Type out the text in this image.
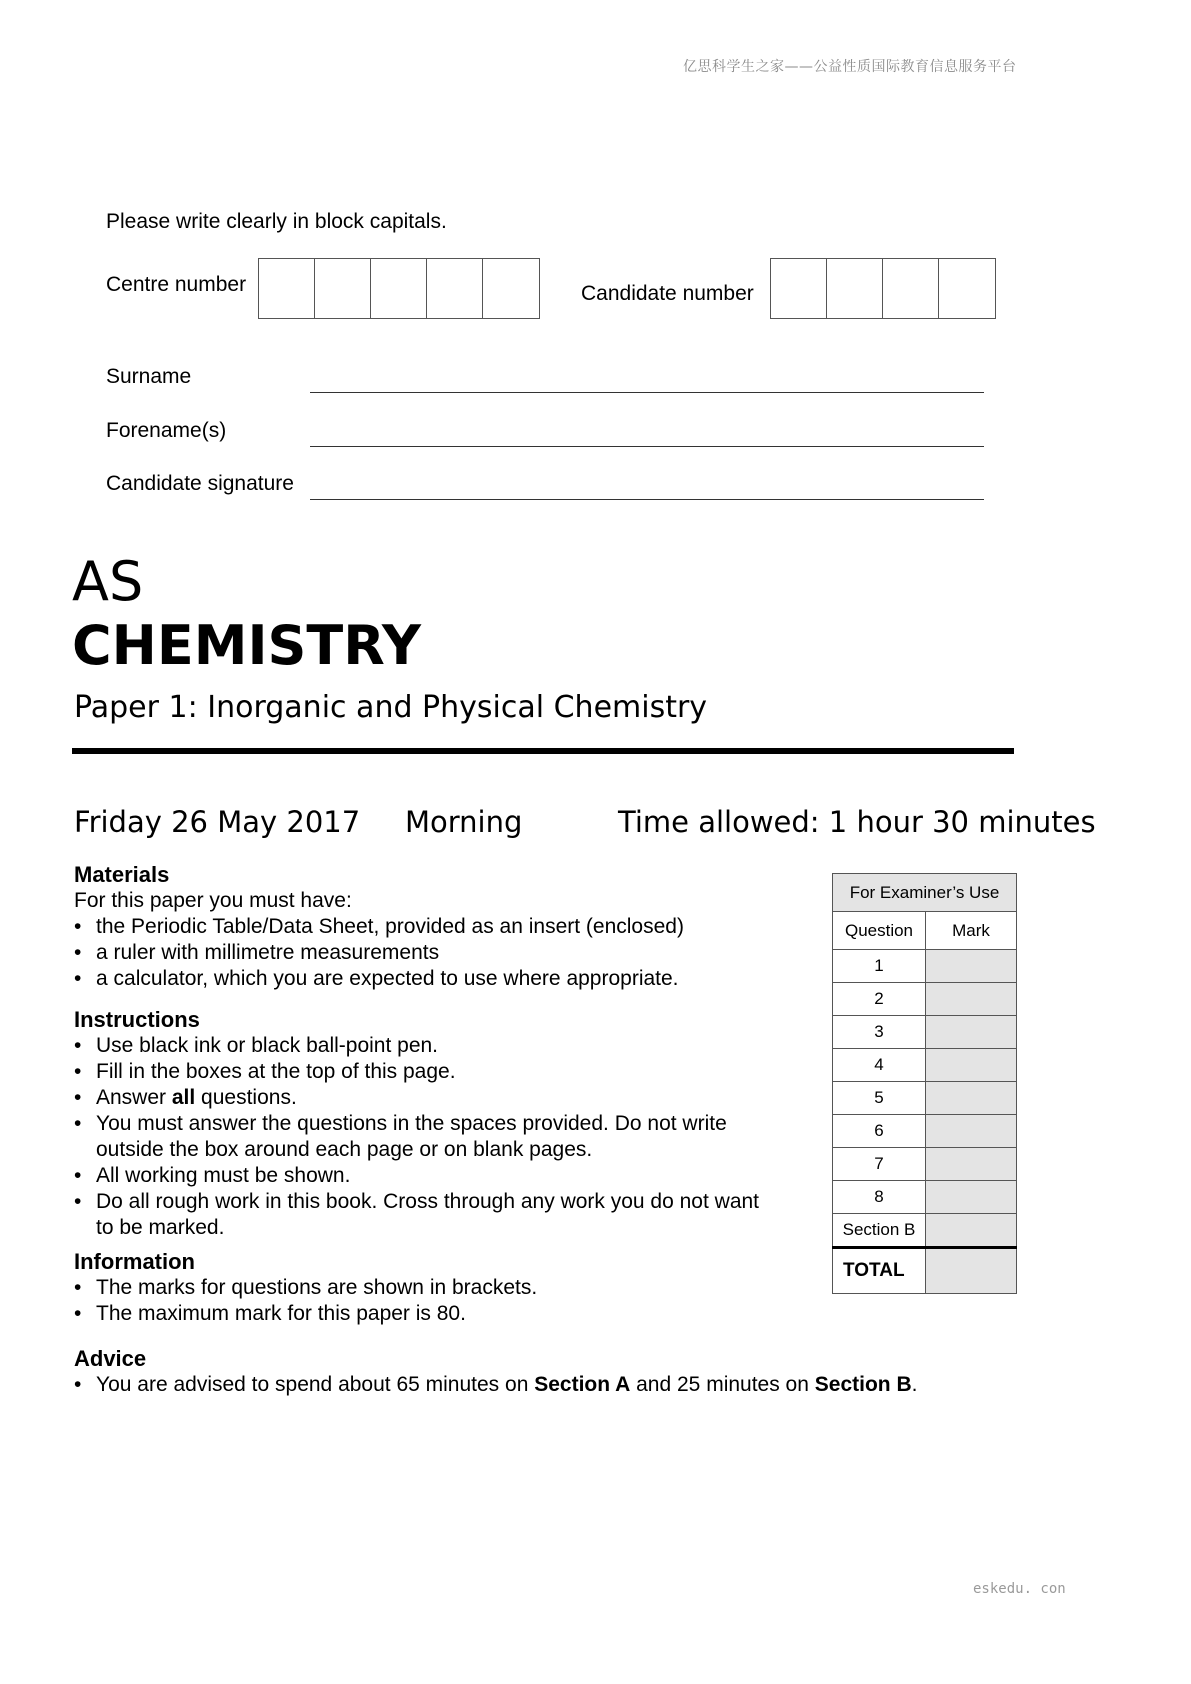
亿思科学生之家——公益性质国际教育信息服务平台
Please write clearly in block capitals.
Centre number	Candidate number
Surname
Forename(s)
Candidate signature
AS
CHEMISTRY
Paper 1: Inorganic and Physical Chemistry
Friday 26 May 2017 Morning	Time allowed: 1 hour 30 minutes
Materials
For this paper you must have:
• the Periodic Table/Data Sheet, provided as an insert (enclosed)
• a ruler with millimetre measurements
• a calculator, which you are expected to use where appropriate.
Instructions
• Use black ink or black ball-point pen.
• Fill in the boxes at the top of this page.
• Answer all questions.
• You must answer the questions in the spaces provided. Do not write outside the box around each page or on blank pages.
• All working must be shown.
• Do all rough work in this book. Cross through any work you do not want to be marked.
Information
• The marks for questions are shown in brackets.
• The maximum mark for this paper is 80.
Advice
• You are advised to spend about 65 minutes on Section A and 25 minutes on Section B.
For Examiner’s Use	
Question	Mark
1	
2	
3	
4	
5	
6	
7	
8	
Section B	
TOTAL	
eskedu. con
